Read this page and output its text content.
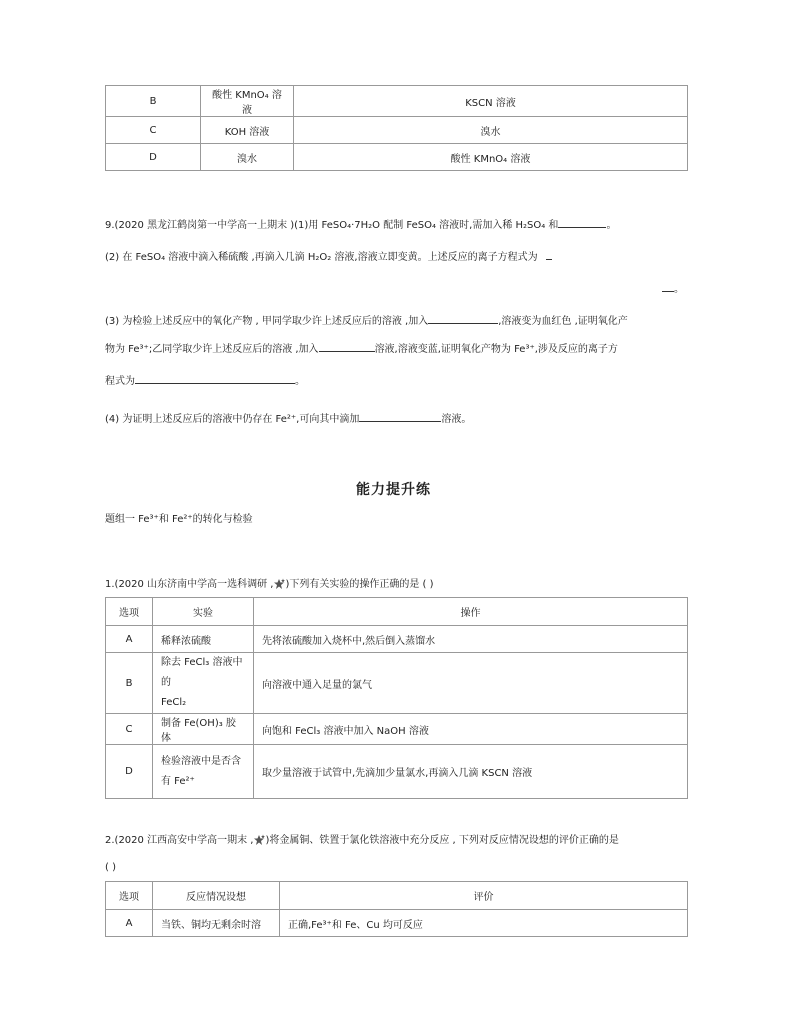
B	酸性 KMnO₄ 溶液	KSCN 溶液
C	KOH 溶液	溴水
D	溴水	酸性 KMnO₄ 溶液
9.(2020 黑龙江鹤岗第一中学高一上期末 )(1)用 FeSO₄·7H₂O 配制 FeSO₄ 溶液时,需加入稀 H₂SO₄ 和	。
(2) 在 FeSO₄ 溶液中滴入稀硫酸 ,再滴入几滴 H₂O₂ 溶液,溶液立即变黄。上述反应的离子方程式为
。
(3) 为检验上述反应中的氧化产物 , 甲同学取少许上述反应后的溶液 ,加入	,溶液变为血红色 ,证明氧化产
物为 Fe³⁺;乙同学取少许上述反应后的溶液 ,加入	溶液,溶液变蓝,证明氧化产物为 Fe³⁺,涉及反应的离子方
程式为	。
(4) 为证明上述反应后的溶液中仍存在 Fe²⁺,可向其中滴加	溶液。
能力提升练
题组一 Fe³⁺和 Fe²⁺的转化与检验
1.(2020 山东济南中学高一选科调研 , )下列有关实验的操作正确的是 ( )
选项	实验	操作
A	稀释浓硫酸	先将浓硫酸加入烧杯中,然后倒入蒸馏水
B	除去 FeCl₃ 溶液中的
FeCl₂	向溶液中通入足量的氯气
C	制备 Fe(OH)₃ 胶体	向饱和 FeCl₃ 溶液中加入 NaOH 溶液
D	检验溶液中是否含
有 Fe²⁺	取少量溶液于试管中,先滴加少量氯水,再滴入几滴 KSCN 溶液
2.(2020 江西高安中学高一期末 , )将金属铜、铁置于氯化铁溶液中充分反应 , 下列对反应情况设想的评价正确的是
( )
选项	反应情况设想	评价
A	当铁、铜均无剩余时溶	正确,Fe³⁺和 Fe、Cu 均可反应
